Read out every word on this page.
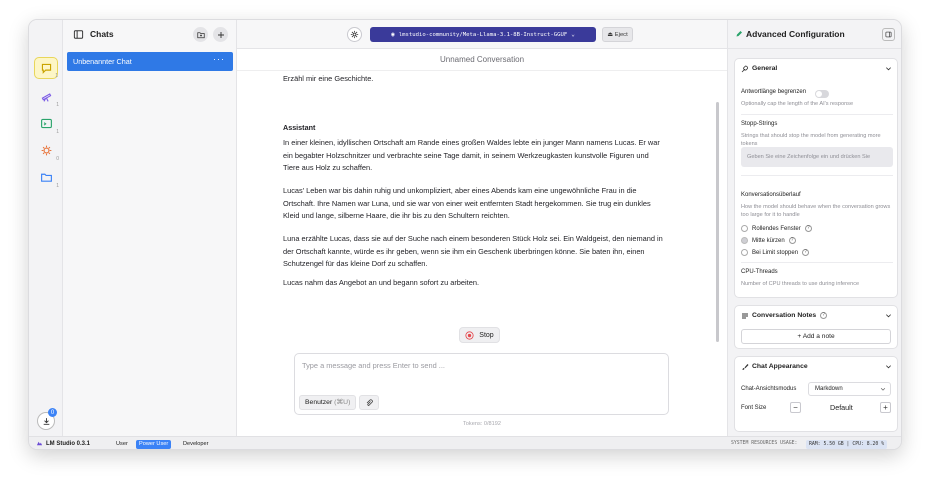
1
1
1
0
1
0
Chats
Unbenannter Chat	···
◉ lmstudio-community/Meta-Llama-3.1-8B-Instruct-GGUF ⌄	⏏ Eject
Unnamed Conversation
Erzähl mir eine Geschichte.
Assistant
In einer kleinen, idyllischen Ortschaft am Rande eines großen Waldes lebte ein junger Mann namens Lucas. Er war ein begabter Holzschnitzer und verbrachte seine Tage damit, in seinem Werkzeugkasten kunstvolle Figuren und Tiere aus Holz zu schaffen.
Lucas' Leben war bis dahin ruhig und unkompliziert, aber eines Abends kam eine ungewöhnliche Frau in die Ortschaft. Ihre Namen war Luna, und sie war von einer weit entfernten Stadt hergekommen. Sie trug ein dunkles Kleid und lange, silberne Haare, die ihr bis zu den Schultern reichten.
Luna erzählte Lucas, dass sie auf der Suche nach einem besonderen Stück Holz sei. Ein Waldgeist, den niemand in der Ortschaft kannte, würde es ihr geben, wenn sie ihm ein Geschenk überbringen könne. Sie baten ihn, einen Schutzengel für das kleine Dorf zu schaffen.
Lucas nahm das Angebot an und begann sofort zu arbeiten.
Stop
Type a message and press Enter to send ...
Benutzer (⌘U)
Tokens: 0/8192
Advanced Configuration
General
Antwortlänge begrenzen
Optionally cap the length of the AI's response
Stopp-Strings
Strings that should stop the model from generating more tokens
Geben Sie eine Zeichenfolge ein und drücken Sie
Konversationsüberlauf
How the model should behave when the conversation grows too large for it to handle
Rollendes Fenster	?
Mitte kürzen	?
Bei Limit stoppen	?
CPU-Threads
Number of CPU threads to use during inference
Conversation Notes	?
+ Add a note
Chat Appearance
Chat-Ansichtsmodus	Markdown
Font Size	−	Default	+
LM Studio 0.3.1	User	Power User	Developer	SYSTEM RESOURCES USAGE:	RAM: 5.50 GB | CPU: 8.20 %
